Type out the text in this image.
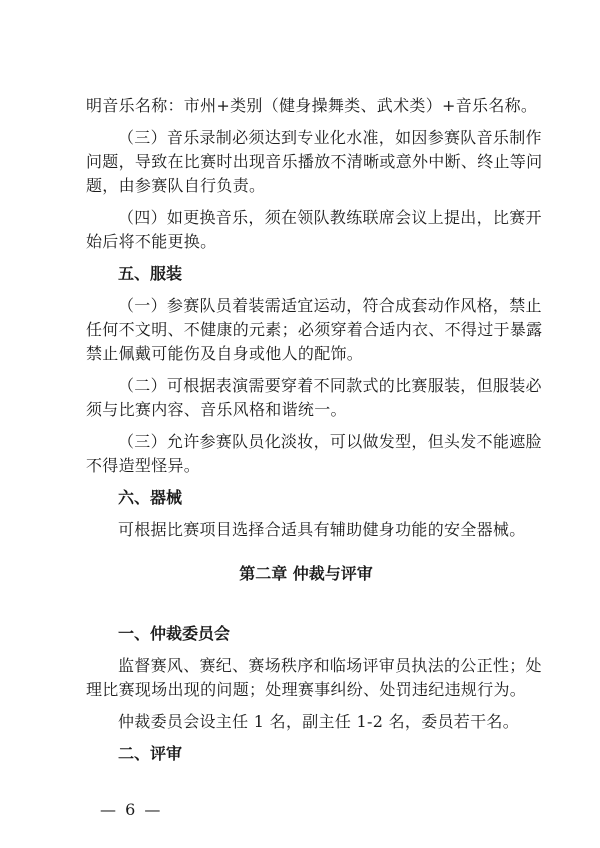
明音乐名称：市州+类别（健身操舞类、武术类）+音乐名称。
（三）音乐录制必须达到专业化水准，如因参赛队音乐制作
问题，导致在比赛时出现音乐播放不清晰或意外中断、终止等问
题，由参赛队自行负责。
（四）如更换音乐，须在领队教练联席会议上提出，比赛开
始后将不能更换。
五、服装
（一）参赛队员着装需适宜运动，符合成套动作风格，禁止
任何不文明、不健康的元素；必须穿着合适内衣、不得过于暴露
禁止佩戴可能伤及自身或他人的配饰。
（二）可根据表演需要穿着不同款式的比赛服装，但服装必
须与比赛内容、音乐风格和谐统一。
（三）允许参赛队员化淡妆，可以做发型，但头发不能遮脸
不得造型怪异。
六、器械
可根据比赛项目选择合适具有辅助健身功能的安全器械。
第二章 仲裁与评审
一、仲裁委员会
监督赛风、赛纪、赛场秩序和临场评审员执法的公正性；处
理比赛现场出现的问题；处理赛事纠纷、处罚违纪违规行为。
仲裁委员会设主任 1 名，副主任 1-2 名，委员若干名。
二、评审
— 6 —
